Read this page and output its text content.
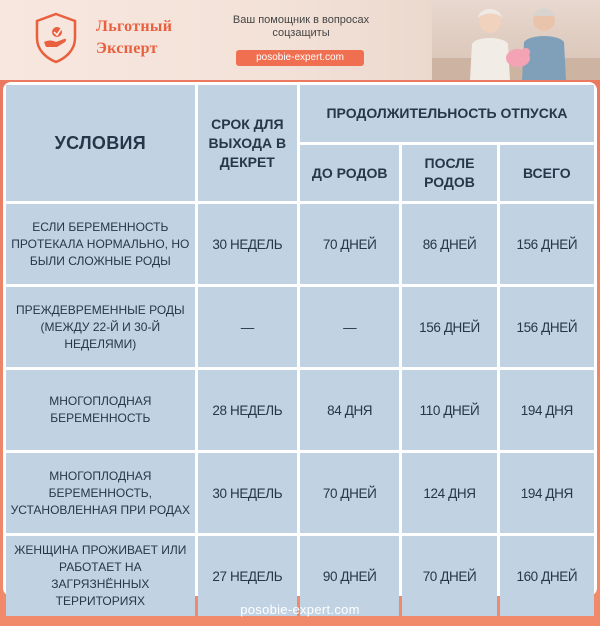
Льготный
Эксперт
Ваш помощник в вопросах соцзащиты
posobie-expert.com
УСЛОВИЯ	СРОК ДЛЯ ВЫХОДА В ДЕКРЕТ	ПРОДОЛЖИТЕЛЬНОСТЬ ОТПУСКА		
		ДО РОДОВ	ПОСЛЕ РОДОВ	ВСЕГО
ЕСЛИ БЕРЕМЕННОСТЬ ПРОТЕКАЛА НОРМАЛЬНО, НО БЫЛИ СЛОЖНЫЕ РОДЫ	30 НЕДЕЛЬ	70 ДНЕЙ	86 ДНЕЙ	156 ДНЕЙ
ПРЕЖДЕВРЕМЕННЫЕ РОДЫ (МЕЖДУ 22-Й И 30-Й НЕДЕЛЯМИ)	—	—	156 ДНЕЙ	156 ДНЕЙ
МНОГОПЛОДНАЯ БЕРЕМЕННОСТЬ	28 НЕДЕЛЬ	84 ДНЯ	110 ДНЕЙ	194 ДНЯ
МНОГОПЛОДНАЯ БЕРЕМЕННОСТЬ, УСТАНОВЛЕННАЯ ПРИ РОДАХ	30 НЕДЕЛЬ	70 ДНЕЙ	124 ДНЯ	194 ДНЯ
ЖЕНЩИНА ПРОЖИВАЕТ ИЛИ РАБОТАЕТ НА ЗАГРЯЗНЁННЫХ ТЕРРИТОРИЯХ	27 НЕДЕЛЬ	90 ДНЕЙ	70 ДНЕЙ	160 ДНЕЙ
posobie-expert.com
